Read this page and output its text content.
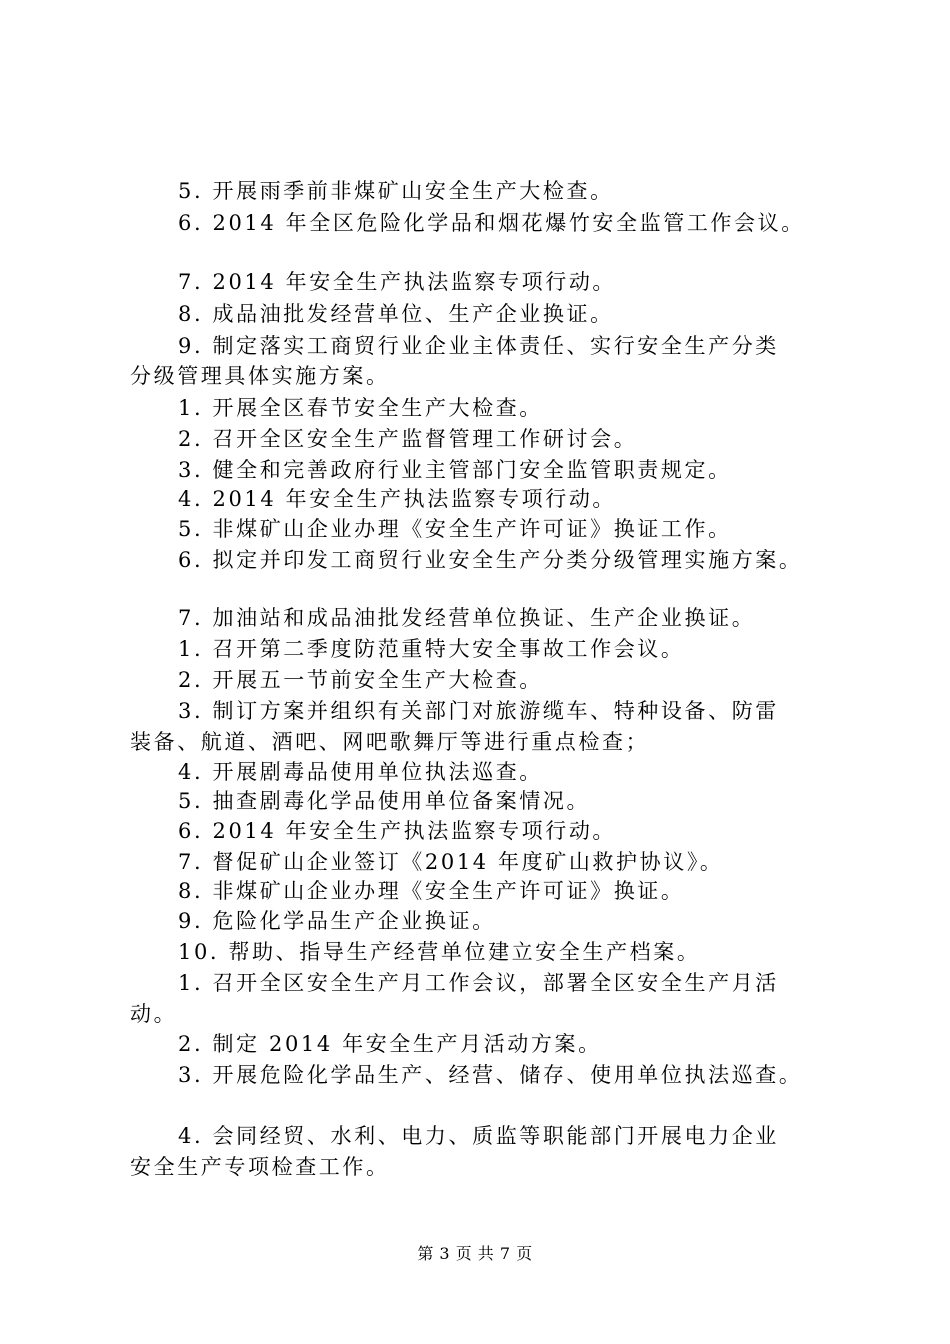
5. 开展雨季前非煤矿山安全生产大检查。
6. 2014 年全区危险化学品和烟花爆竹安全监管工作会议。
7. 2014 年安全生产执法监察专项行动。
8. 成品油批发经营单位、生产企业换证。
9. 制定落实工商贸行业企业主体责任、实行安全生产分类
分级管理具体实施方案。
1. 开展全区春节安全生产大检查。
2. 召开全区安全生产监督管理工作研讨会。
3. 健全和完善政府行业主管部门安全监管职责规定。
4. 2014 年安全生产执法监察专项行动。
5. 非煤矿山企业办理《安全生产许可证》换证工作。
6. 拟定并印发工商贸行业安全生产分类分级管理实施方案。
7. 加油站和成品油批发经营单位换证、生产企业换证。
1. 召开第二季度防范重特大安全事故工作会议。
2. 开展五一节前安全生产大检查。
3. 制订方案并组织有关部门对旅游缆车、特种设备、防雷
装备、航道、酒吧、网吧歌舞厅等进行重点检查；
4. 开展剧毒品使用单位执法巡查。
5. 抽查剧毒化学品使用单位备案情况。
6. 2014 年安全生产执法监察专项行动。
7. 督促矿山企业签订《2014 年度矿山救护协议》。
8. 非煤矿山企业办理《安全生产许可证》换证。
9. 危险化学品生产企业换证。
10. 帮助、指导生产经营单位建立安全生产档案。
1. 召开全区安全生产月工作会议，部署全区安全生产月活
动。
2. 制定 2014 年安全生产月活动方案。
3. 开展危险化学品生产、经营、储存、使用单位执法巡查。
4. 会同经贸、水利、电力、质监等职能部门开展电力企业
安全生产专项检查工作。
第 3 页 共 7 页
